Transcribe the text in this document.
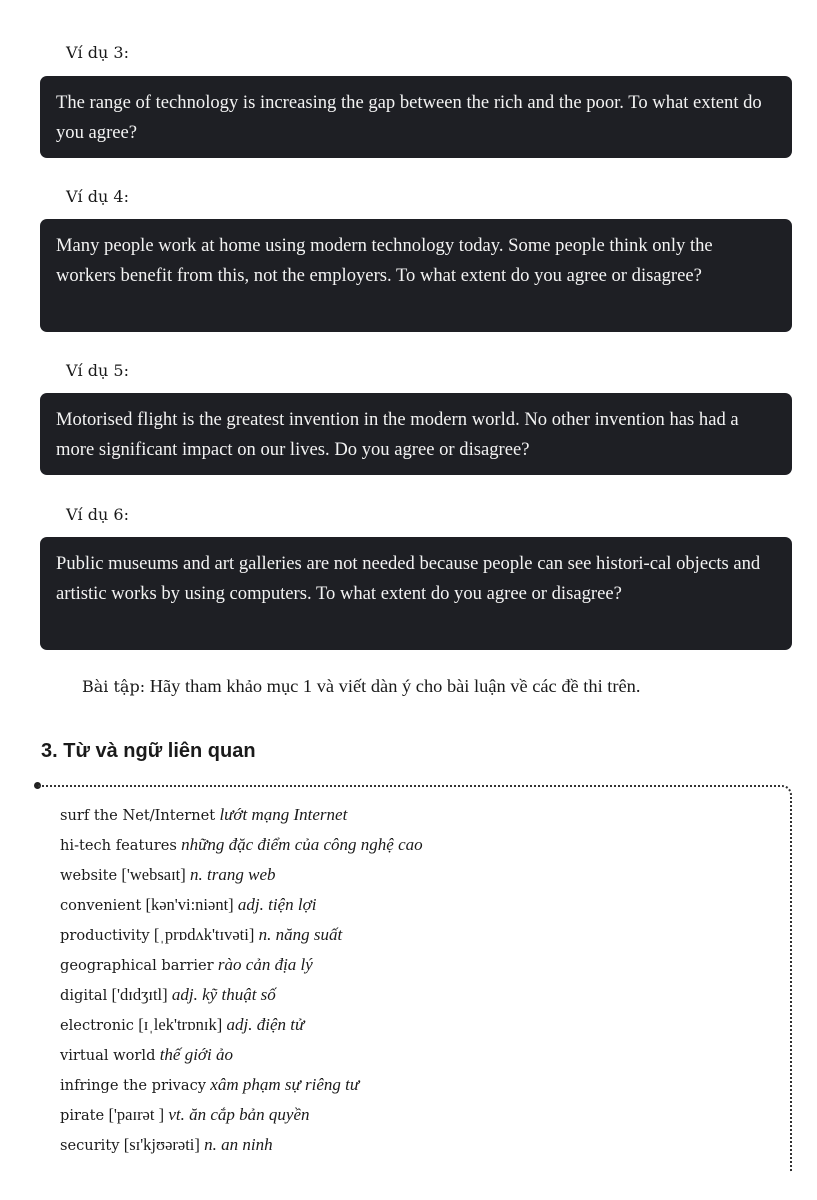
Ví dụ 3:
The range of technology is increasing the gap between the rich and the poor. To what extent do you agree?
Ví dụ 4:
Many people work at home using modern technology today. Some people think only the workers benefit from this, not the employers. To what extent do you agree or disagree?
Ví dụ 5:
Motorised flight is the greatest invention in the modern world. No other invention has had a more significant impact on our lives. Do you agree or disagree?
Ví dụ 6:
Public museums and art galleries are not needed because people can see histori-cal objects and artistic works by using computers. To what extent do you agree or disagree?
Bài tập: Hãy tham khảo mục 1 và viết dàn ý cho bài luận về các đề thi trên.
3. Từ và ngữ liên quan
surf the Net/Internet lướt mạng Internet
hi-tech features những đặc điểm của công nghệ cao
website ['websaɪt] n. trang web
convenient [kən'vi:niənt] adj. tiện lợi
productivity [ˌprɒdʌk'tɪvəti] n. năng suất
geographical barrier rào cản địa lý
digital ['dɪdʒɪtl] adj. kỹ thuật số
electronic [ɪˌlek'trɒnɪk] adj. điện tử
virtual world thế giới ảo
infringe the privacy xâm phạm sự riêng tư
pirate ['paɪrət ] vt. ăn cắp bản quyền
security [sɪ'kjʊərəti] n. an ninh
